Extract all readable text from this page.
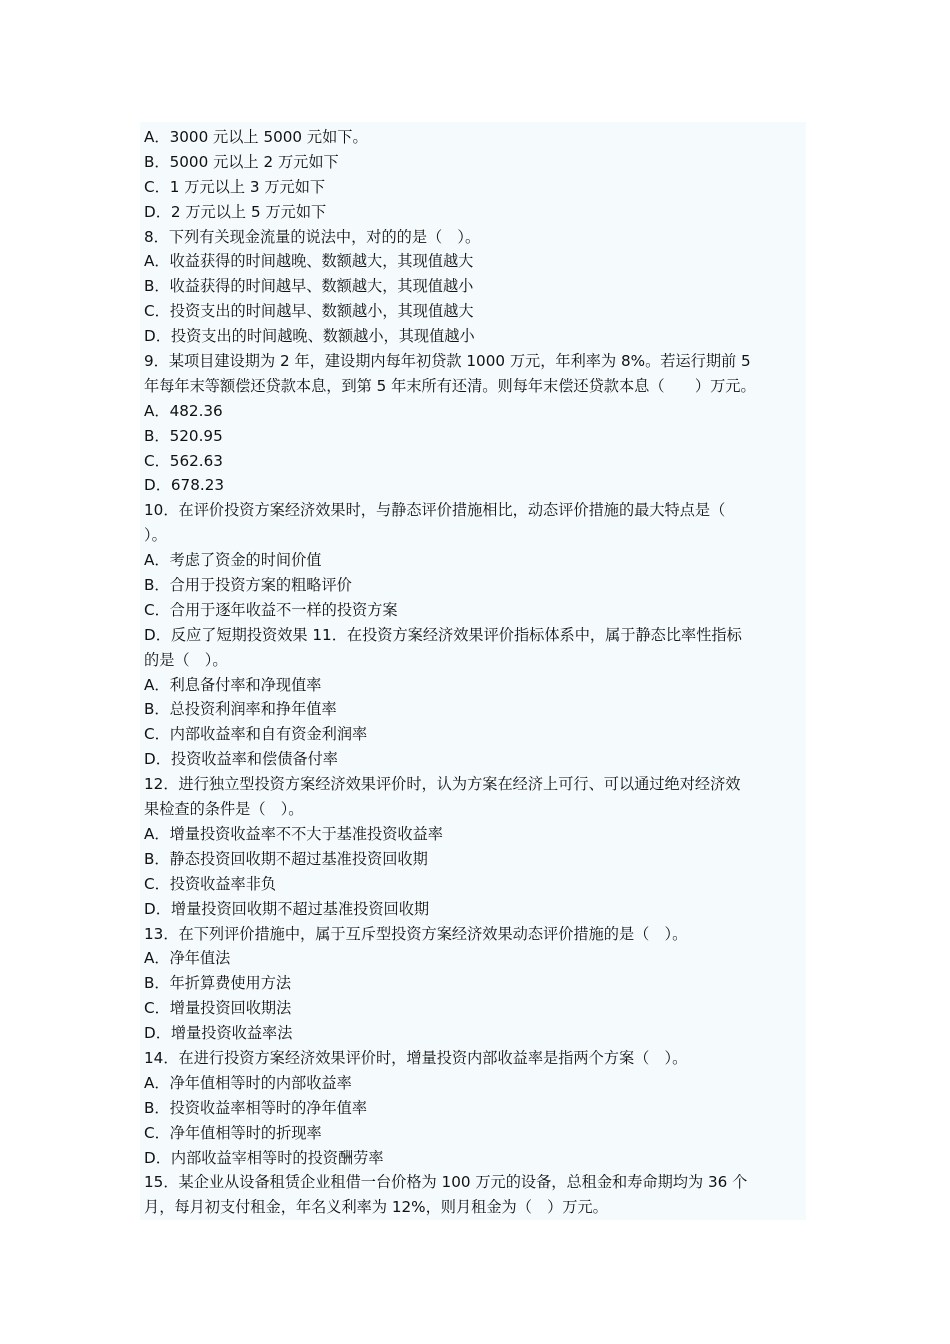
A．3000 元以上 5000 元如下。
B．5000 元以上 2 万元如下
C．1 万元以上 3 万元如下
D．2 万元以上 5 万元如下
8．下列有关现金流量的说法中，对的的是（　）。
A．收益获得的时间越晚、数额越大，其现值越大
B．收益获得的时间越早、数额越大，其现值越小
C．投资支出的时间越早、数额越小，其现值越大
D．投资支出的时间越晚、数额越小，其现值越小
9．某项目建设期为 2 年，建设期内每年初贷款 1000 万元，年利率为 8%。若运行期前 5
年每年末等额偿还贷款本息，到第 5 年末所有还清。则每年末偿还贷款本息（　　）万元。
A．482.36
B．520.95
C．562.63
D．678.23
10．在评价投资方案经济效果时，与静态评价措施相比，动态评价措施的最大特点是（
）。
A．考虑了资金的时间价值
B．合用于投资方案的粗略评价
C．合用于逐年收益不一样的投资方案
D．反应了短期投资效果 11．在投资方案经济效果评价指标体系中，属于静态比率性指标
的是（　）。
A．利息备付率和净现值率
B．总投资利润率和挣年值率
C．内部收益率和自有资金利润率
D．投资收益率和偿债备付率
12．进行独立型投资方案经济效果评价时，认为方案在经济上可行、可以通过绝对经济效
果检查的条件是（　）。
A．增量投资收益率不不大于基准投资收益率
B．静态投资回收期不超过基准投资回收期
C．投资收益率非负
D．增量投资回收期不超过基准投资回收期
13．在下列评价措施中，属于互斥型投资方案经济效果动态评价措施的是（　）。
A．净年值法
B．年折算费使用方法
C．增量投资回收期法
D．增量投资收益率法
14．在进行投资方案经济效果评价时，增量投资内部收益率是指两个方案（　）。
A．净年值相等时的内部收益率
B．投资收益率相等时的净年值率
C．净年值相等时的折现率
D．内部收益宰相等时的投资酬劳率
15．某企业从设备租赁企业租借一台价格为 100 万元的设备，总租金和寿命期均为 36 个
月，每月初支付租金，年名义利率为 12%，则月租金为（　）万元。
